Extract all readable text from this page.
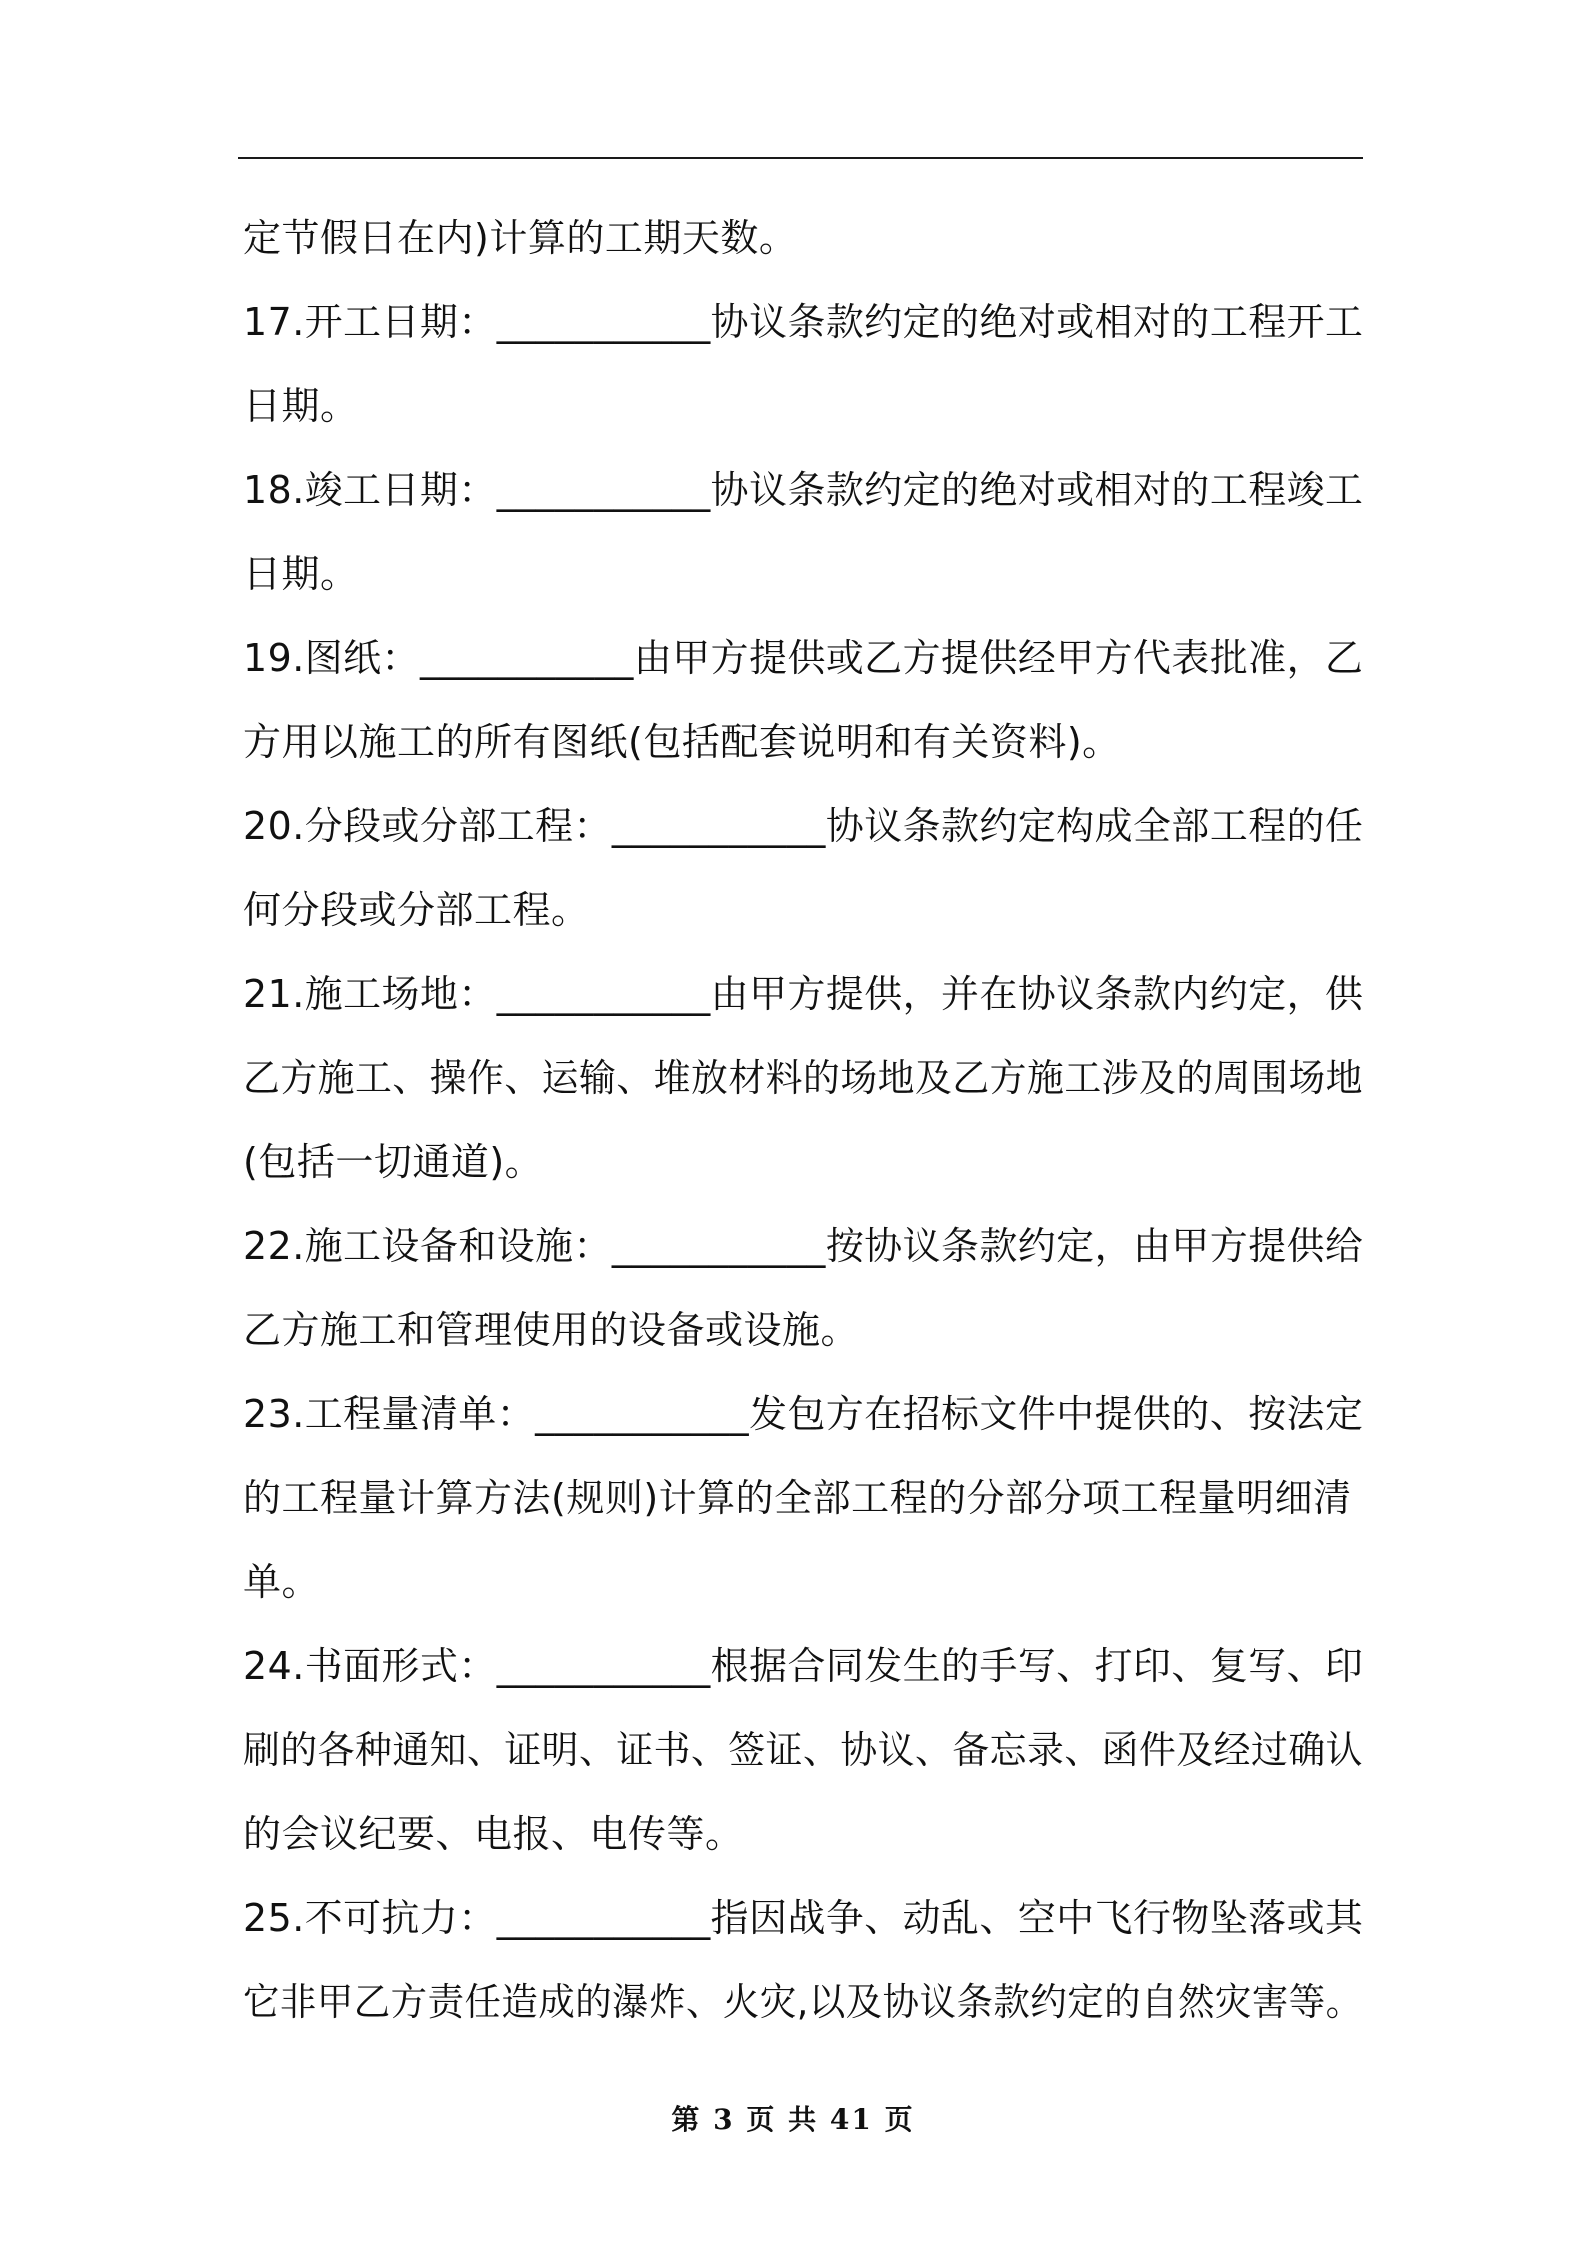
定节假日在内)计算的工期天数。
17.开工日期：___________协议条款约定的绝对或相对的工程开工
日期。
18.竣工日期：___________协议条款约定的绝对或相对的工程竣工
日期。
19.图纸：___________由甲方提供或乙方提供经甲方代表批准，乙
方用以施工的所有图纸(包括配套说明和有关资料)。
20.分段或分部工程：___________协议条款约定构成全部工程的任
何分段或分部工程。
21.施工场地：___________由甲方提供，并在协议条款内约定，供
乙方施工、操作、运输、堆放材料的场地及乙方施工涉及的周围场地
(包括一切通道)。
22.施工设备和设施：___________按协议条款约定，由甲方提供给
乙方施工和管理使用的设备或设施。
23.工程量清单：___________发包方在招标文件中提供的、按法定
的工程量计算方法(规则)计算的全部工程的分部分项工程量明细清
单。
24.书面形式：___________根据合同发生的手写、打印、复写、印
刷的各种通知、证明、证书、签证、协议、备忘录、函件及经过确认
的会议纪要、电报、电传等。
25.不可抗力：___________指因战争、动乱、空中飞行物坠落或其
它非甲乙方责任造成的瀑炸、火灾,以及协议条款约定的自然灾害等。
第 3 页 共 41 页
